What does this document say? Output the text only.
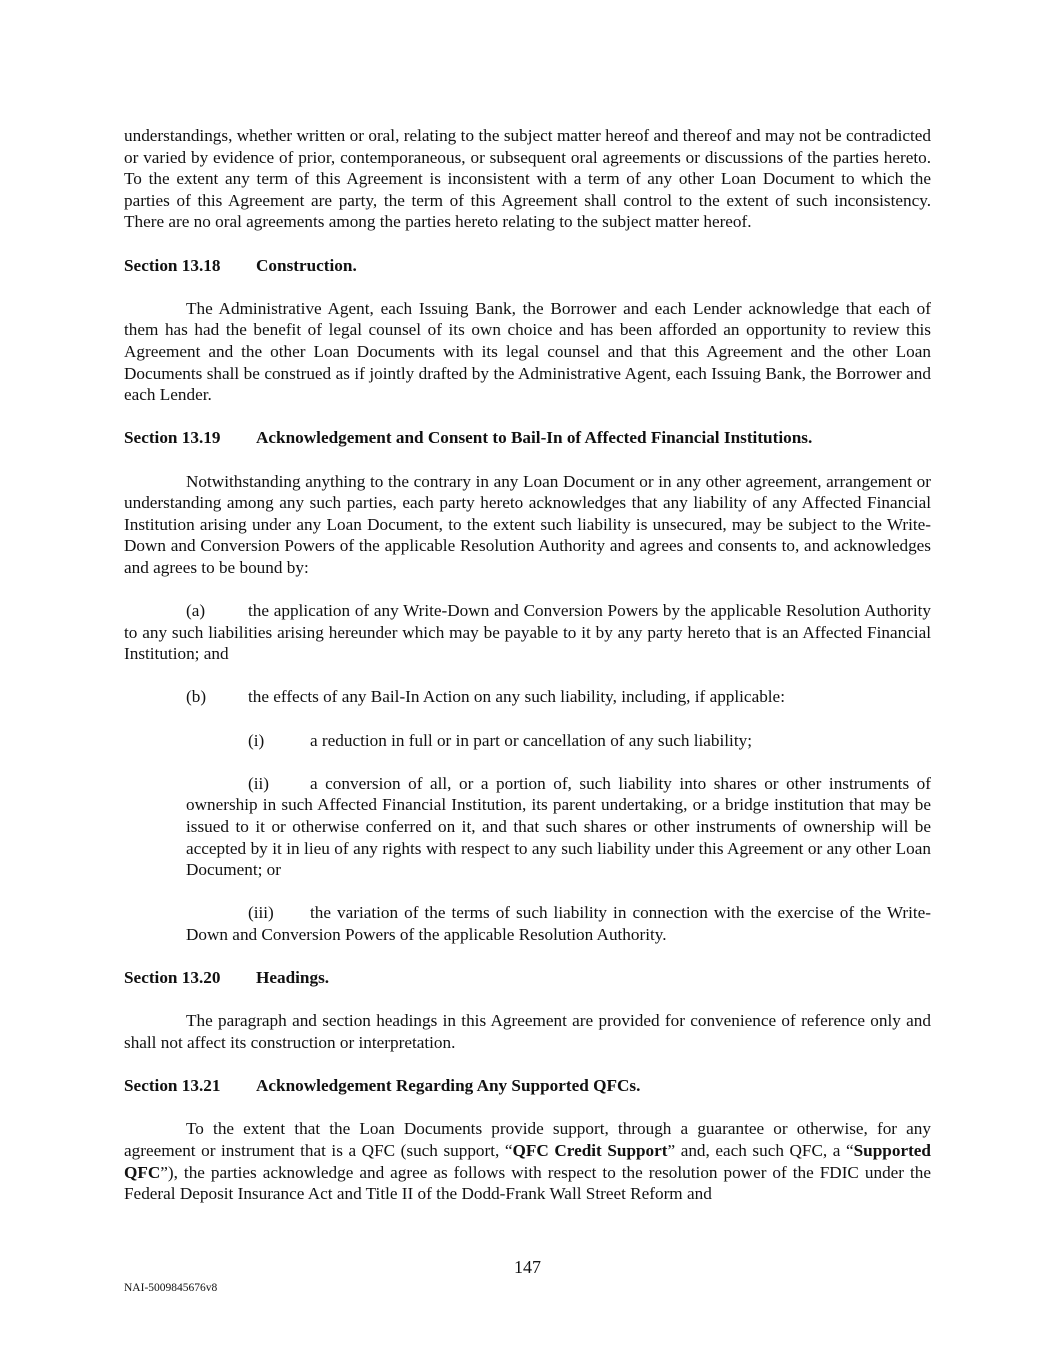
understandings, whether written or oral, relating to the subject matter hereof and thereof and may not be contradicted or varied by evidence of prior, contemporaneous, or subsequent oral agreements or discussions of the parties hereto. To the extent any term of this Agreement is inconsistent with a term of any other Loan Document to which the parties of this Agreement are party, the term of this Agreement shall control to the extent of such inconsistency. There are no oral agreements among the parties hereto relating to the subject matter hereof.

Section 13.18 Construction.

The Administrative Agent, each Issuing Bank, the Borrower and each Lender acknowledge that each of them has had the benefit of legal counsel of its own choice and has been afforded an opportunity to review this Agreement and the other Loan Documents with its legal counsel and that this Agreement and the other Loan Documents shall be construed as if jointly drafted by the Administrative Agent, each Issuing Bank, the Borrower and each Lender.

Section 13.19 Acknowledgement and Consent to Bail-In of Affected Financial Institutions.

Notwithstanding anything to the contrary in any Loan Document or in any other agreement, arrangement or understanding among any such parties, each party hereto acknowledges that any liability of any Affected Financial Institution arising under any Loan Document, to the extent such liability is unsecured, may be subject to the Write-Down and Conversion Powers of the applicable Resolution Authority and agrees and consents to, and acknowledges and agrees to be bound by:

(a) the application of any Write-Down and Conversion Powers by the applicable Resolution Authority to any such liabilities arising hereunder which may be payable to it by any party hereto that is an Affected Financial Institution; and

(b) the effects of any Bail-In Action on any such liability, including, if applicable:

(i)	a reduction in full or in part or cancellation of any such liability;

(ii) a conversion of all, or a portion of, such liability into shares or other instruments of ownership in such Affected Financial Institution, its parent undertaking, or a bridge institution that may be issued to it or otherwise conferred on it, and that such shares or other instruments of ownership will be accepted by it in lieu of any rights with respect to any such liability under this Agreement or any other Loan Document; or

(iii) the variation of the terms of such liability in connection with the exercise of the Write-Down and Conversion Powers of the applicable Resolution Authority.

Section 13.20 Headings.

The paragraph and section headings in this Agreement are provided for convenience of reference only and shall not affect its construction or interpretation.

Section 13.21 Acknowledgement Regarding Any Supported QFCs.

To the extent that the Loan Documents provide support, through a guarantee or otherwise, for any agreement or instrument that is a QFC (such support, “QFC Credit Support” and, each such QFC, a “Supported QFC”), the parties acknowledge and agree as follows with respect to the resolution power of the FDIC under the Federal Deposit Insurance Act and Title II of the Dodd-Frank Wall Street Reform and

147
NAI-5009845676v8
